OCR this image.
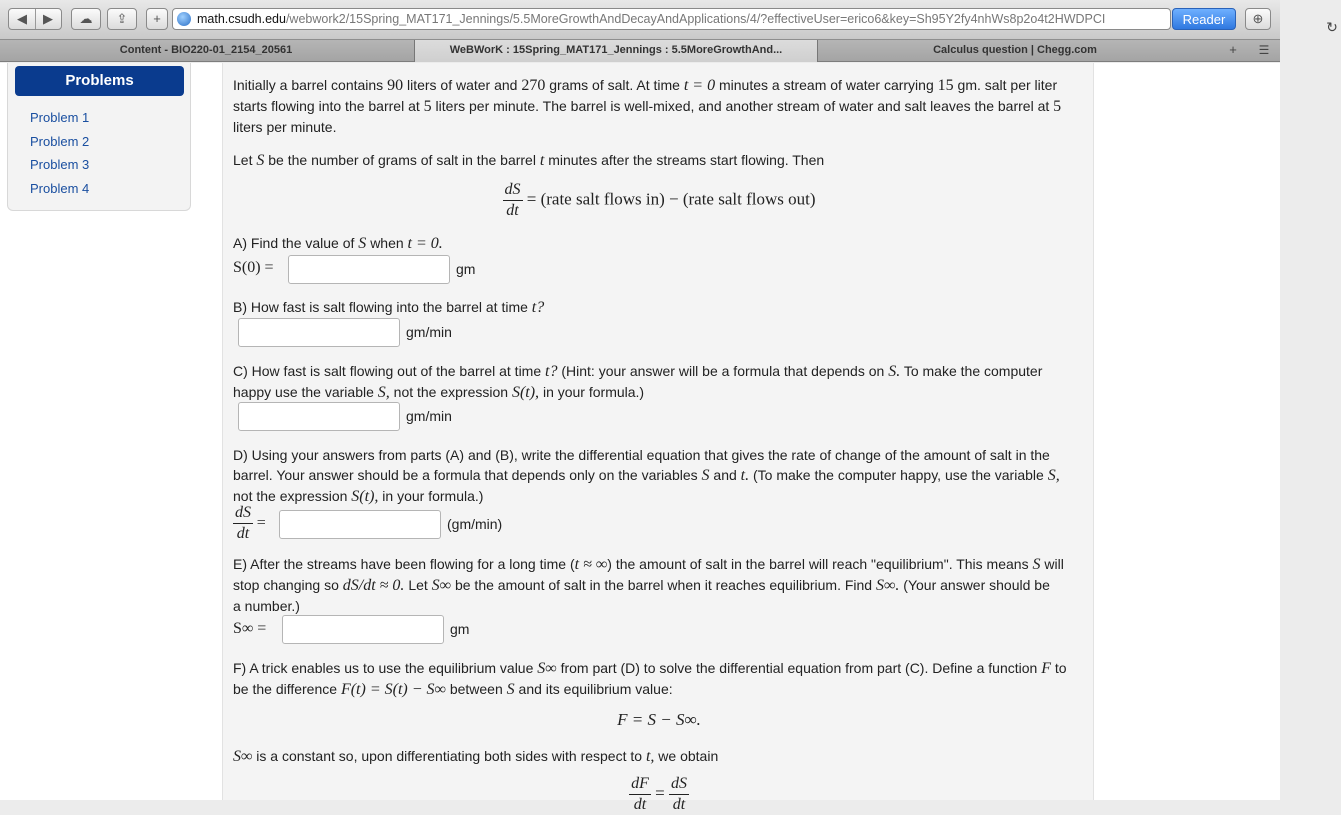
◀ ▶	☁	⇪	+	math.csudh.edu/webwork2/15Spring_MAT171_Jennings/5.5MoreGrowthAndDecayAndApplications/4/?effectiveUser=erico6&key=Sh95Y2fy4nhWs8p2o4t2HWDPCI	↻
Reader	⊕
Content - BIO220-01_2154_20561	WeBWorK : 15Spring_MAT171_Jennings : 5.5MoreGrowthAnd...	Calculus question | Chegg.com	+	☰
Problems
Problem 1
Problem 2
Problem 3
Problem 4
Initially a barrel contains 90 liters of water and 270 grams of salt. At time t = 0 minutes a stream of water carrying 15 gm. salt per liter
starts flowing into the barrel at 5 liters per minute. The barrel is well-mixed, and another stream of water and salt leaves the barrel at 5
liters per minute.
Let S be the number of grams of salt in the barrel t minutes after the streams start flowing. Then
$\frac{dS}{dt}$ = (rate salt flows in) − (rate salt flows out)
A) Find the value of S when t = 0.
S(0) =	gm
B) How fast is salt flowing into the barrel at time t?
gm/min
C) How fast is salt flowing out of the barrel at time t? (Hint: your answer will be a formula that depends on S. To make the computer
happy use the variable S, not the expression S(t), in your formula.)
gm/min
D) Using your answers from parts (A) and (B), write the differential equation that gives the rate of change of the amount of salt in the
barrel. Your answer should be a formula that depends only on the variables S and t. (To make the computer happy, use the variable S,
not the expression S(t), in your formula.)
$\frac{dS}{dt}$ =	(gm/min)
E) After the streams have been flowing for a long time (t ≈ ∞) the amount of salt in the barrel will reach "equilibrium". This means S will
stop changing so dS/dt ≈ 0. Let S∞ be the amount of salt in the barrel when it reaches equilibrium. Find S∞. (Your answer should be
a number.)
S∞ =	gm
F) A trick enables us to use the equilibrium value S∞ from part (D) to solve the differential equation from part (C). Define a function F to
be the difference F(t) = S(t) − S∞ between S and its equilibrium value:
F = S − S∞.
S∞ is a constant so, upon differentiating both sides with respect to t, we obtain
$\frac{dF}{dt} = \frac{dS}{dt}$
